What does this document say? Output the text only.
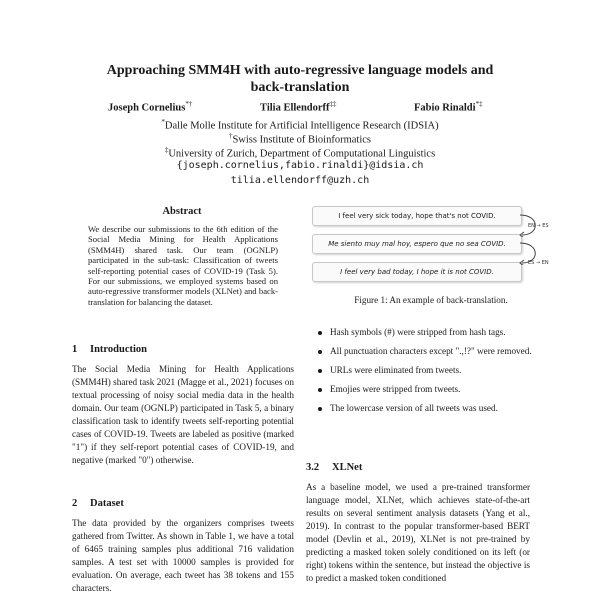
Approaching SMM4H with auto-regressive language models and
back-translation
Joseph Cornelius*†	Tilia Ellendorff‡‡	Fabio Rinaldi*‡
*Dalle Molle Institute for Artificial Intelligence Research (IDSIA)
†Swiss Institute of Bioinformatics
‡University of Zurich, Department of Computational Linguistics
{joseph.cornelius,fabio.rinaldi}@idsia.ch
tilia.ellendorff@uzh.ch
Abstract
We describe our submissions to the 6th edition of the Social Media Mining for Health Applications (SMM4H) shared task. Our team (OGNLP) participated in the sub-task: Classification of tweets self-reporting potential cases of COVID-19 (Task 5). For our submissions, we employed systems based on auto-regressive transformer models (XLNet) and back-translation for balancing the dataset.
1 Introduction
The Social Media Mining for Health Applications (SMM4H) shared task 2021 (Magge et al., 2021) focuses on textual processing of noisy social media data in the health domain. Our team (OGNLP) participated in Task 5, a binary classification task to identify tweets self-reporting potential cases of COVID-19. Tweets are labeled as positive (marked "1") if they self-report potential cases of COVID-19, and negative (marked "0") otherwise.
2 Dataset
The data provided by the organizers comprises tweets gathered from Twitter. As shown in Table 1, we have a total of 6465 training samples plus additional 716 validation samples. A test set with 10000 samples is provided for evaluation. On average, each tweet has 38 tokens and 155 characters.
I feel very sick today, hope that's not COVID.
Me siento muy mal hoy, espero que no sea COVID.
I feel very bad today, I hope it is not COVID.
EN → ES
ES → EN
Figure 1: An example of back-translation.
Hash symbols (#) were stripped from hash tags.
All punctuation characters except ".,!?" were removed.
URLs were eliminated from tweets.
Emojies were stripped from tweets.
The lowercase version of all tweets was used.
3.2 XLNet
As a baseline model, we used a pre-trained transformer language model, XLNet, which achieves state-of-the-art results on several sentiment analysis datasets (Yang et al., 2019). In contrast to the popular transformer-based BERT model (Devlin et al., 2019), XLNet is not pre-trained by predicting a masked token solely conditioned on its left (or right) tokens within the sentence, but instead the objective is to predict a masked token conditioned
